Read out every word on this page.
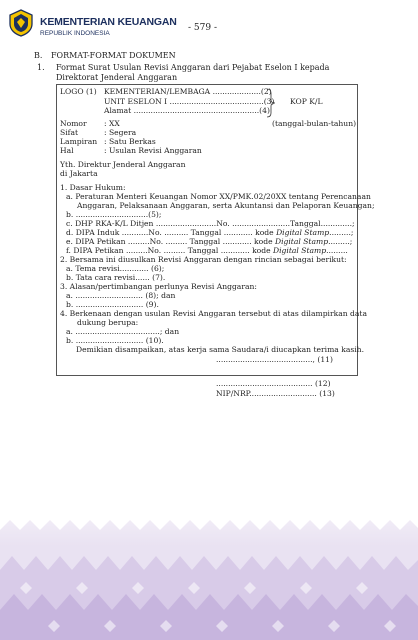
KEMENTERIAN KEUANGAN
REPUBLIK INDONESIA
- 579 -
B. FORMAT-FORMAT DOKUMEN
1. Format Surat Usulan Revisi Anggaran dari Pejabat Eselon I kepada
Direktorat Jenderal Anggaran
LOGO (1) KEMENTERIAN/LEMBAGA ....................(2)
UNIT ESELON I .......................................(3)
Alamat ....................................................(4)
KOP K/L
Nomor : XX	(tanggal-bulan-tahun)
Sifat	: Segera
Lampiran : Satu Berkas
Hal	: Usulan Revisi Anggaran
Yth. Direktur Jenderal Anggaran
di Jakarta
1. Dasar Hukum:
a. Peraturan Menteri Keuangan Nomor XX/PMK.02/20XX tentang Perencanaan
Anggaran, Pelaksanaan Anggaran, serta Akuntansi dan Pelaporan Keuangan;
b. ..............................(5);
c. DHP RKA-K/L Ditjen .........................No. ........................Tanggal.............;
d. DIPA Induk ...........No. .......... Tanggal ............ kode Digital Stamp.........;
e. DIPA Petikan .........No. ......... Tanggal ............ kode Digital Stamp.........;
f. DIPA Petikan .........No. ......... Tanggal ............ kode Digital Stamp.........
2. Bersama ini diusulkan Revisi Anggaran dengan rincian sebagai berikut:
a. Tema revisi............ (6);
b. Tata cara revisi...... (7).
3. Alasan/pertimbangan perlunya Revisi Anggaran:
a. ............................ (8); dan
b. ............................ (9).
4. Berkenaan dengan usulan Revisi Anggaran tersebut di atas dilampirkan data
dukung berupa:
a. ...................................; dan
b. ............................ (10).
Demikian disampaikan, atas kerja sama Saudara/i diucapkan terima kasih.
........................................, (11)
........................................ (12)
NIP/NRP............................ (13)
